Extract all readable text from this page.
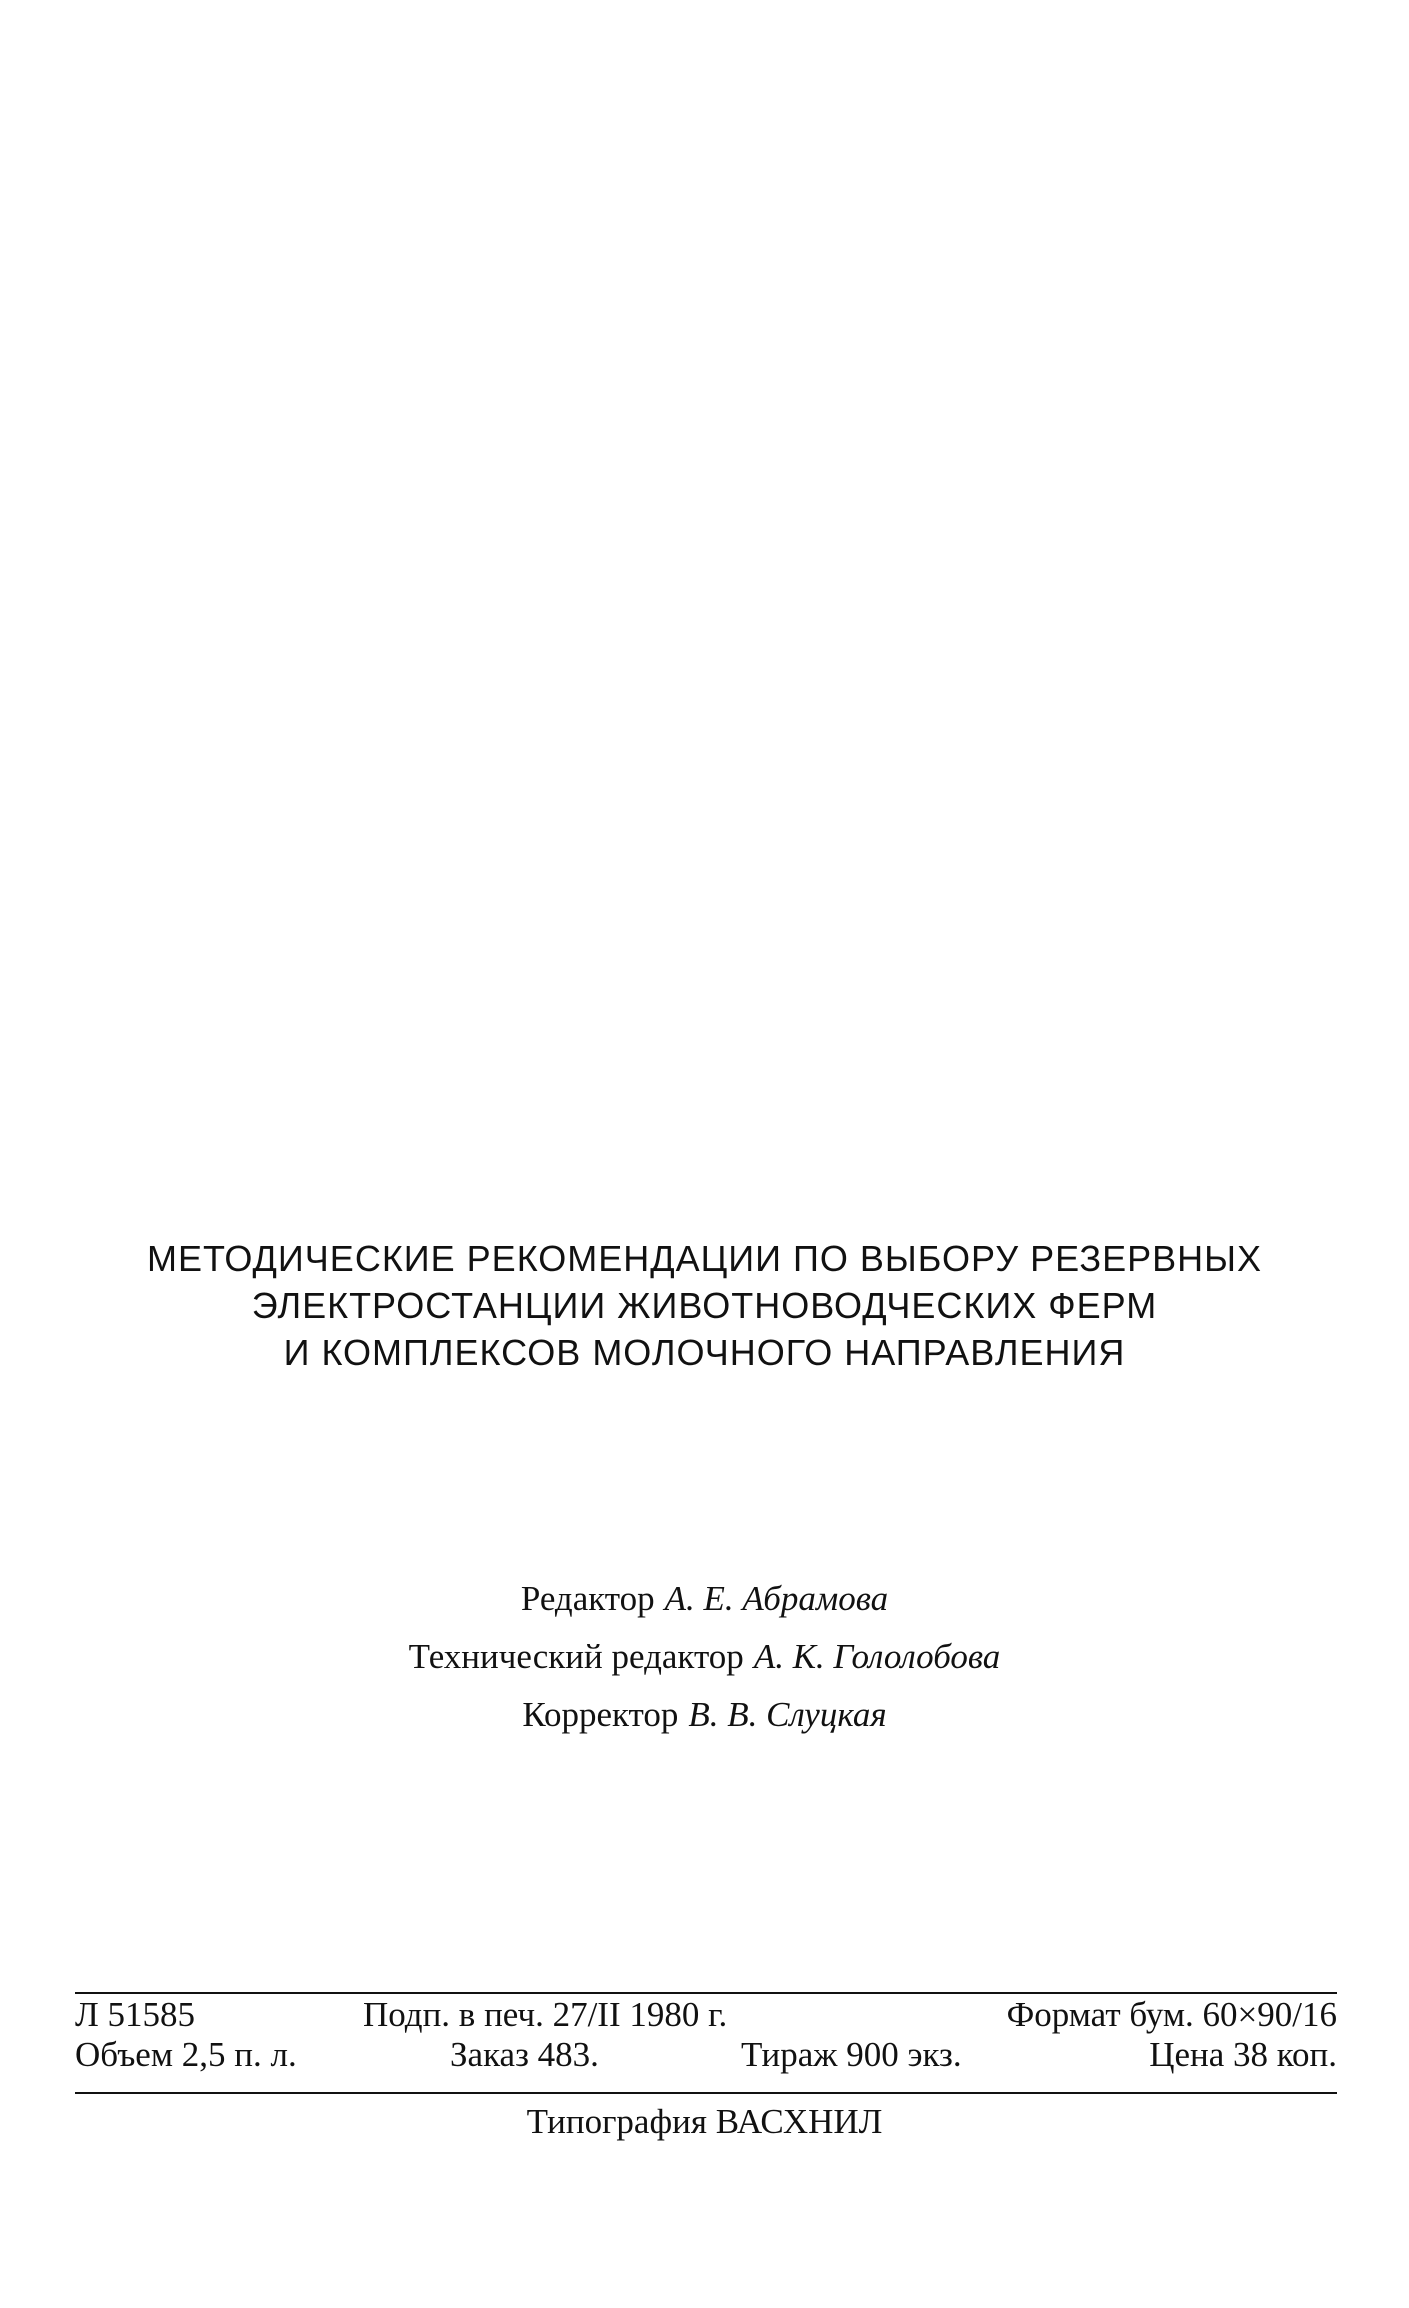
МЕТОДИЧЕСКИЕ РЕКОМЕНДАЦИИ ПО ВЫБОРУ РЕЗЕРВНЫХ
ЭЛЕКТРОСТАНЦИИ ЖИВОТНОВОДЧЕСКИХ ФЕРМ
И КОМПЛЕКСОВ МОЛОЧНОГО НАПРАВЛЕНИЯ
Редактор А. Е. Абрамова
Технический редактор А. К. Гололобова
Корректор В. В. Слуцкая
Л 51585	Подп. в печ. 27/II 1980 г.	Формат бум. 60×90/16
Объем 2,5 п. л.	Заказ 483.	Тираж 900 экз.	Цена 38 коп.
Типография ВАСХНИЛ
